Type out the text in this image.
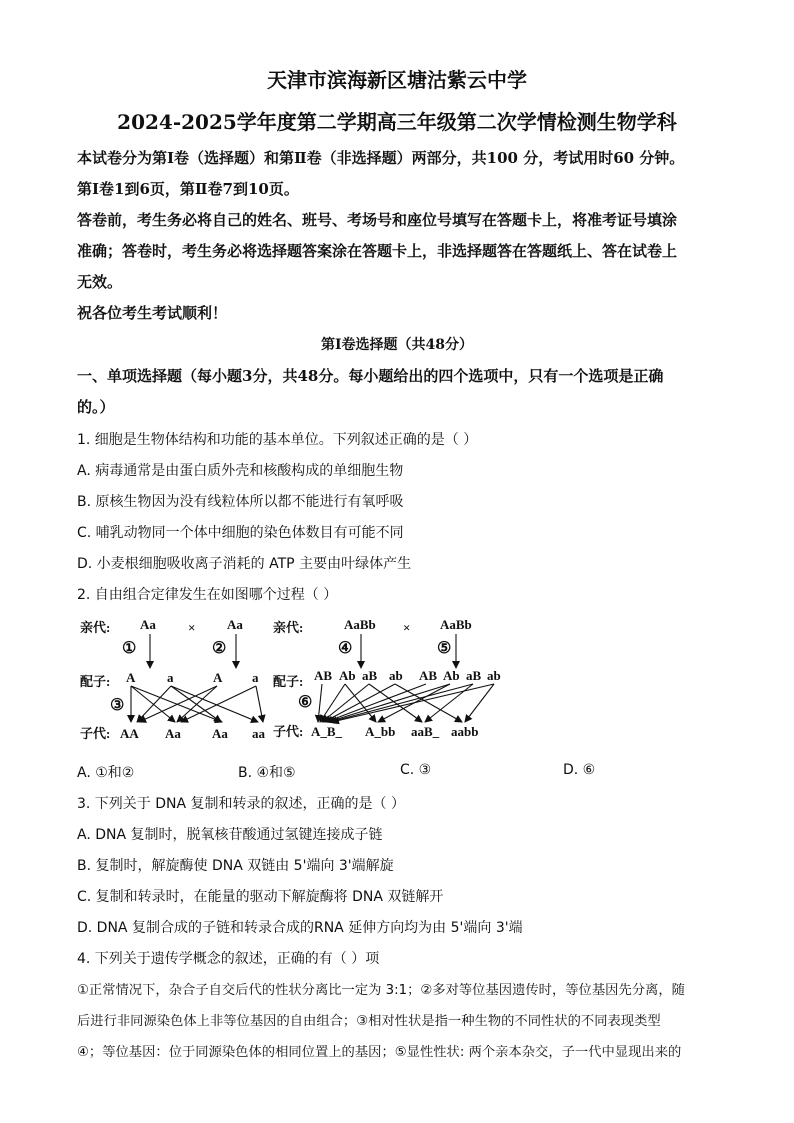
天津市滨海新区塘沽紫云中学
2024-2025学年度第二学期高三年级第二次学情检测生物学科
本试卷分为第Ⅰ卷（选择题）和第Ⅱ卷（非选择题）两部分，共100 分，考试用时60 分钟。
第Ⅰ卷1到6页，第Ⅱ卷7到10页。
答卷前，考生务必将自己的姓名、班号、考场号和座位号填写在答题卡上，将准考证号填涂
准确；答卷时，考生务必将选择题答案涂在答题卡上，非选择题答在答题纸上、答在试卷上
无效。
祝各位考生考试顺利！
第Ⅰ卷选择题（共48分）
一、单项选择题（每小题3分，共48分。每小题给出的四个选项中，只有一个选项是正确
的。）
1. 细胞是生物体结构和功能的基本单位。下列叙述正确的是（ ）
A. 病毒通常是由蛋白质外壳和核酸构成的单细胞生物
B. 原核生物因为没有线粒体所以都不能进行有氧呼吸
C. 哺乳动物同一个体中细胞的染色体数目有可能不同
D. 小麦根细胞吸收离子消耗的 ATP 主要由叶绿体产生
2. 自由组合定律发生在如图哪个过程（ ）
亲代: Aa × Aa
①	②
③
配子: A a	A a
子代: AA Aa Aa aa
亲代:	AaBb × AaBb
④	⑤
⑥
配子: AB Ab aB ab AB Ab aB ab
子代: A_B_ A_bb aaB_ aabb
A. ①和②	B. ④和⑤	C. ③	D. ⑥
3. 下列关于 DNA 复制和转录的叙述，正确的是（ ）
A. DNA 复制时，脱氧核苷酸通过氢键连接成子链
B. 复制时，解旋酶使 DNA 双链由 5'端向 3'端解旋
C. 复制和转录时，在能量的驱动下解旋酶将 DNA 双链解开
D. DNA 复制合成的子链和转录合成的RNA 延伸方向均为由 5'端向 3'端
4. 下列关于遗传学概念的叙述，正确的有（ ）项
①正常情况下，杂合子自交后代的性状分离比一定为 3:1；②多对等位基因遗传时，等位基因先分离，随
后进行非同源染色体上非等位基因的自由组合；③相对性状是指一种生物的不同性状的不同表现类型
④；等位基因：位于同源染色体的相同位置上的基因；⑤显性性状: 两个亲本杂交，子一代中显现出来的
